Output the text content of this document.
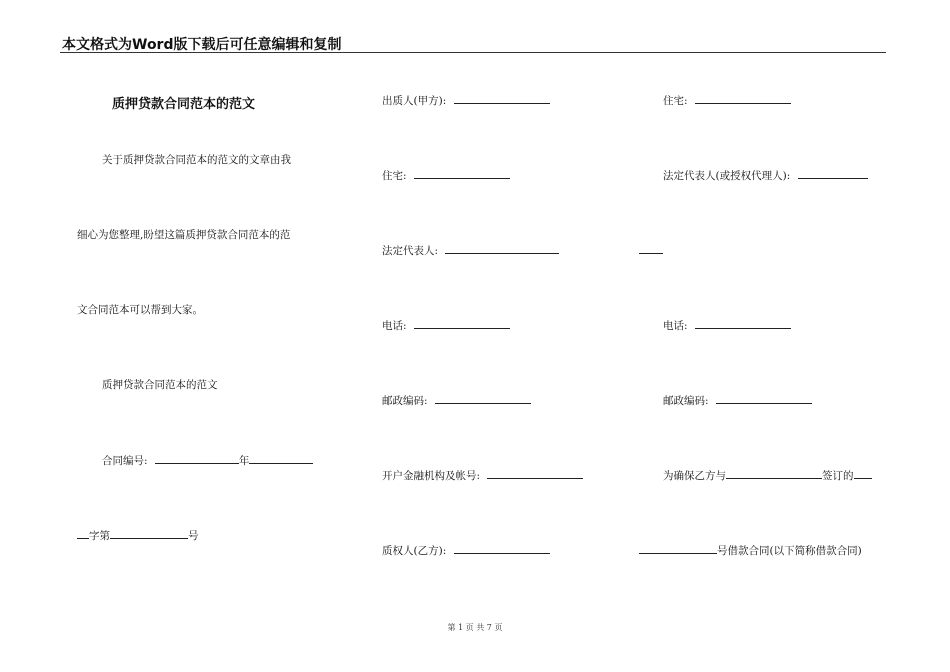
本文格式为Word版下载后可任意编辑和复制
质押贷款合同范本的范文
关于质押贷款合同范本的范文的文章由我
细心为您整理,盼望这篇质押贷款合同范本的范
文合同范本可以帮到大家。
质押贷款合同范本的范文
合同编号:	年
字第	号
出质人(甲方):
住宅:
法定代表人:
电话:
邮政编码:
开户金融机构及帐号:
质权人(乙方):
住宅:
法定代表人(或授权代理人):
电话:
邮政编码:
为确保乙方与	签订的
号借款合同(以下简称借款合同)
第 1 页 共 7 页
